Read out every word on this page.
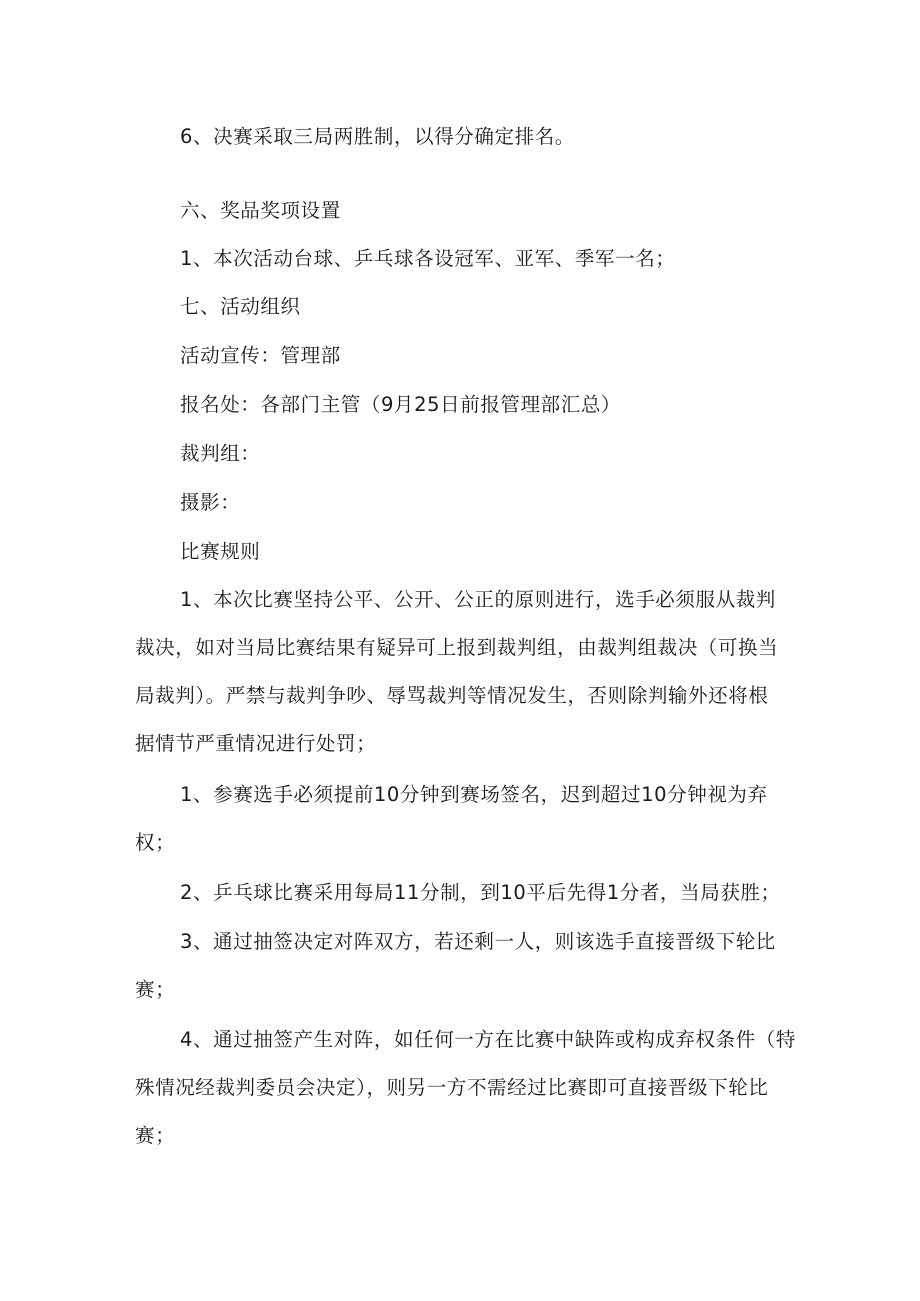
6、决赛采取三局两胜制，以得分确定排名。
六、奖品奖项设置
1、本次活动台球、乒乓球各设冠军、亚军、季军一名；
七、活动组织
活动宣传：管理部
报名处：各部门主管（9月25日前报管理部汇总）
裁判组：
摄影：
比赛规则
1、本次比赛坚持公平、公开、公正的原则进行，选手必须服从裁判
裁决，如对当局比赛结果有疑异可上报到裁判组，由裁判组裁决（可换当
局裁判）。严禁与裁判争吵、辱骂裁判等情况发生，否则除判输外还将根
据情节严重情况进行处罚；
1、参赛选手必须提前10分钟到赛场签名，迟到超过10分钟视为弃
权；
2、乒乓球比赛采用每局11分制，到10平后先得1分者，当局获胜；
3、通过抽签决定对阵双方，若还剩一人，则该选手直接晋级下轮比
赛；
4、通过抽签产生对阵，如任何一方在比赛中缺阵或构成弃权条件（特
殊情况经裁判委员会决定），则另一方不需经过比赛即可直接晋级下轮比
赛；
